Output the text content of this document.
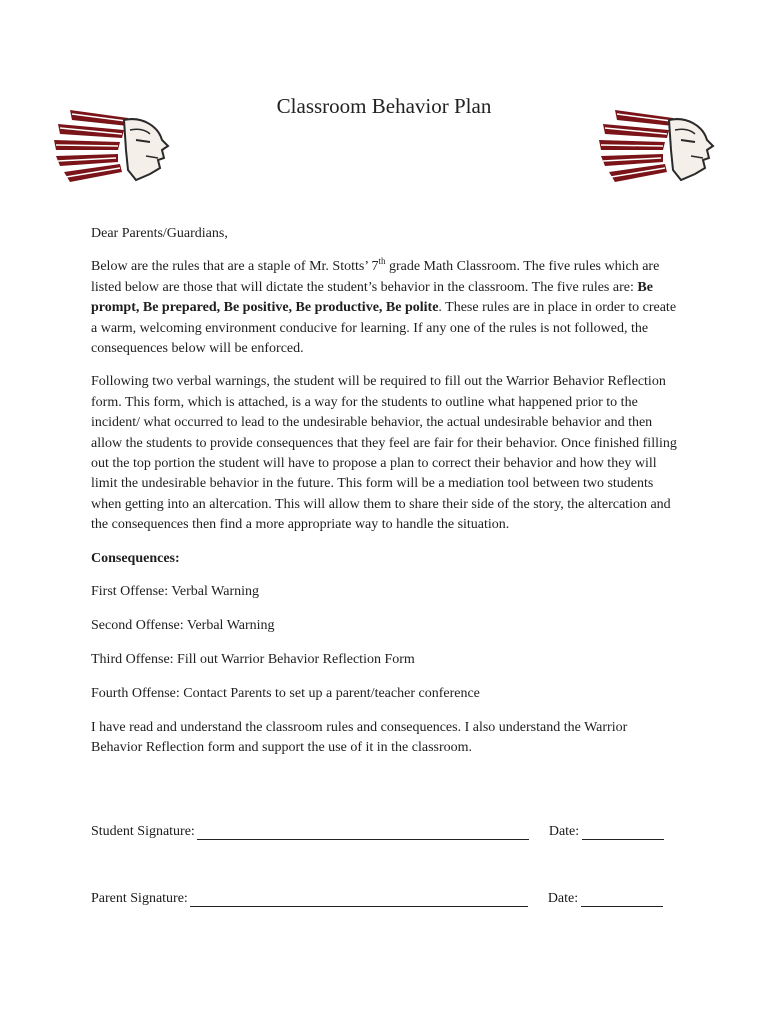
Classroom Behavior Plan

Dear Parents/Guardians,

Below are the rules that are a staple of Mr. Stotts’ 7th grade Math Classroom. The five rules which are listed below are those that will dictate the student’s behavior in the classroom. The five rules are: Be prompt, Be prepared, Be positive, Be productive, Be polite. These rules are in place in order to create a warm, welcoming environment conducive for learning. If any one of the rules is not followed, the consequences below will be enforced.

Following two verbal warnings, the student will be required to fill out the Warrior Behavior Reflection form. This form, which is attached, is a way for the students to outline what happened prior to the incident/ what occurred to lead to the undesirable behavior, the actual undesirable behavior and then allow the students to provide consequences that they feel are fair for their behavior. Once finished filling out the top portion the student will have to propose a plan to correct their behavior and how they will limit the undesirable behavior in the future. This form will be a mediation tool between two students when getting into an altercation. This will allow them to share their side of the story, the altercation and the consequences then find a more appropriate way to handle the situation.

Consequences:

First Offense: Verbal Warning

Second Offense: Verbal Warning

Third Offense: Fill out Warrior Behavior Reflection Form

Fourth Offense: Contact Parents to set up a parent/teacher conference

I have read and understand the classroom rules and consequences. I also understand the Warrior Behavior Reflection form and support the use of it in the classroom.

Student Signature:	Date:
Parent Signature:	Date:
